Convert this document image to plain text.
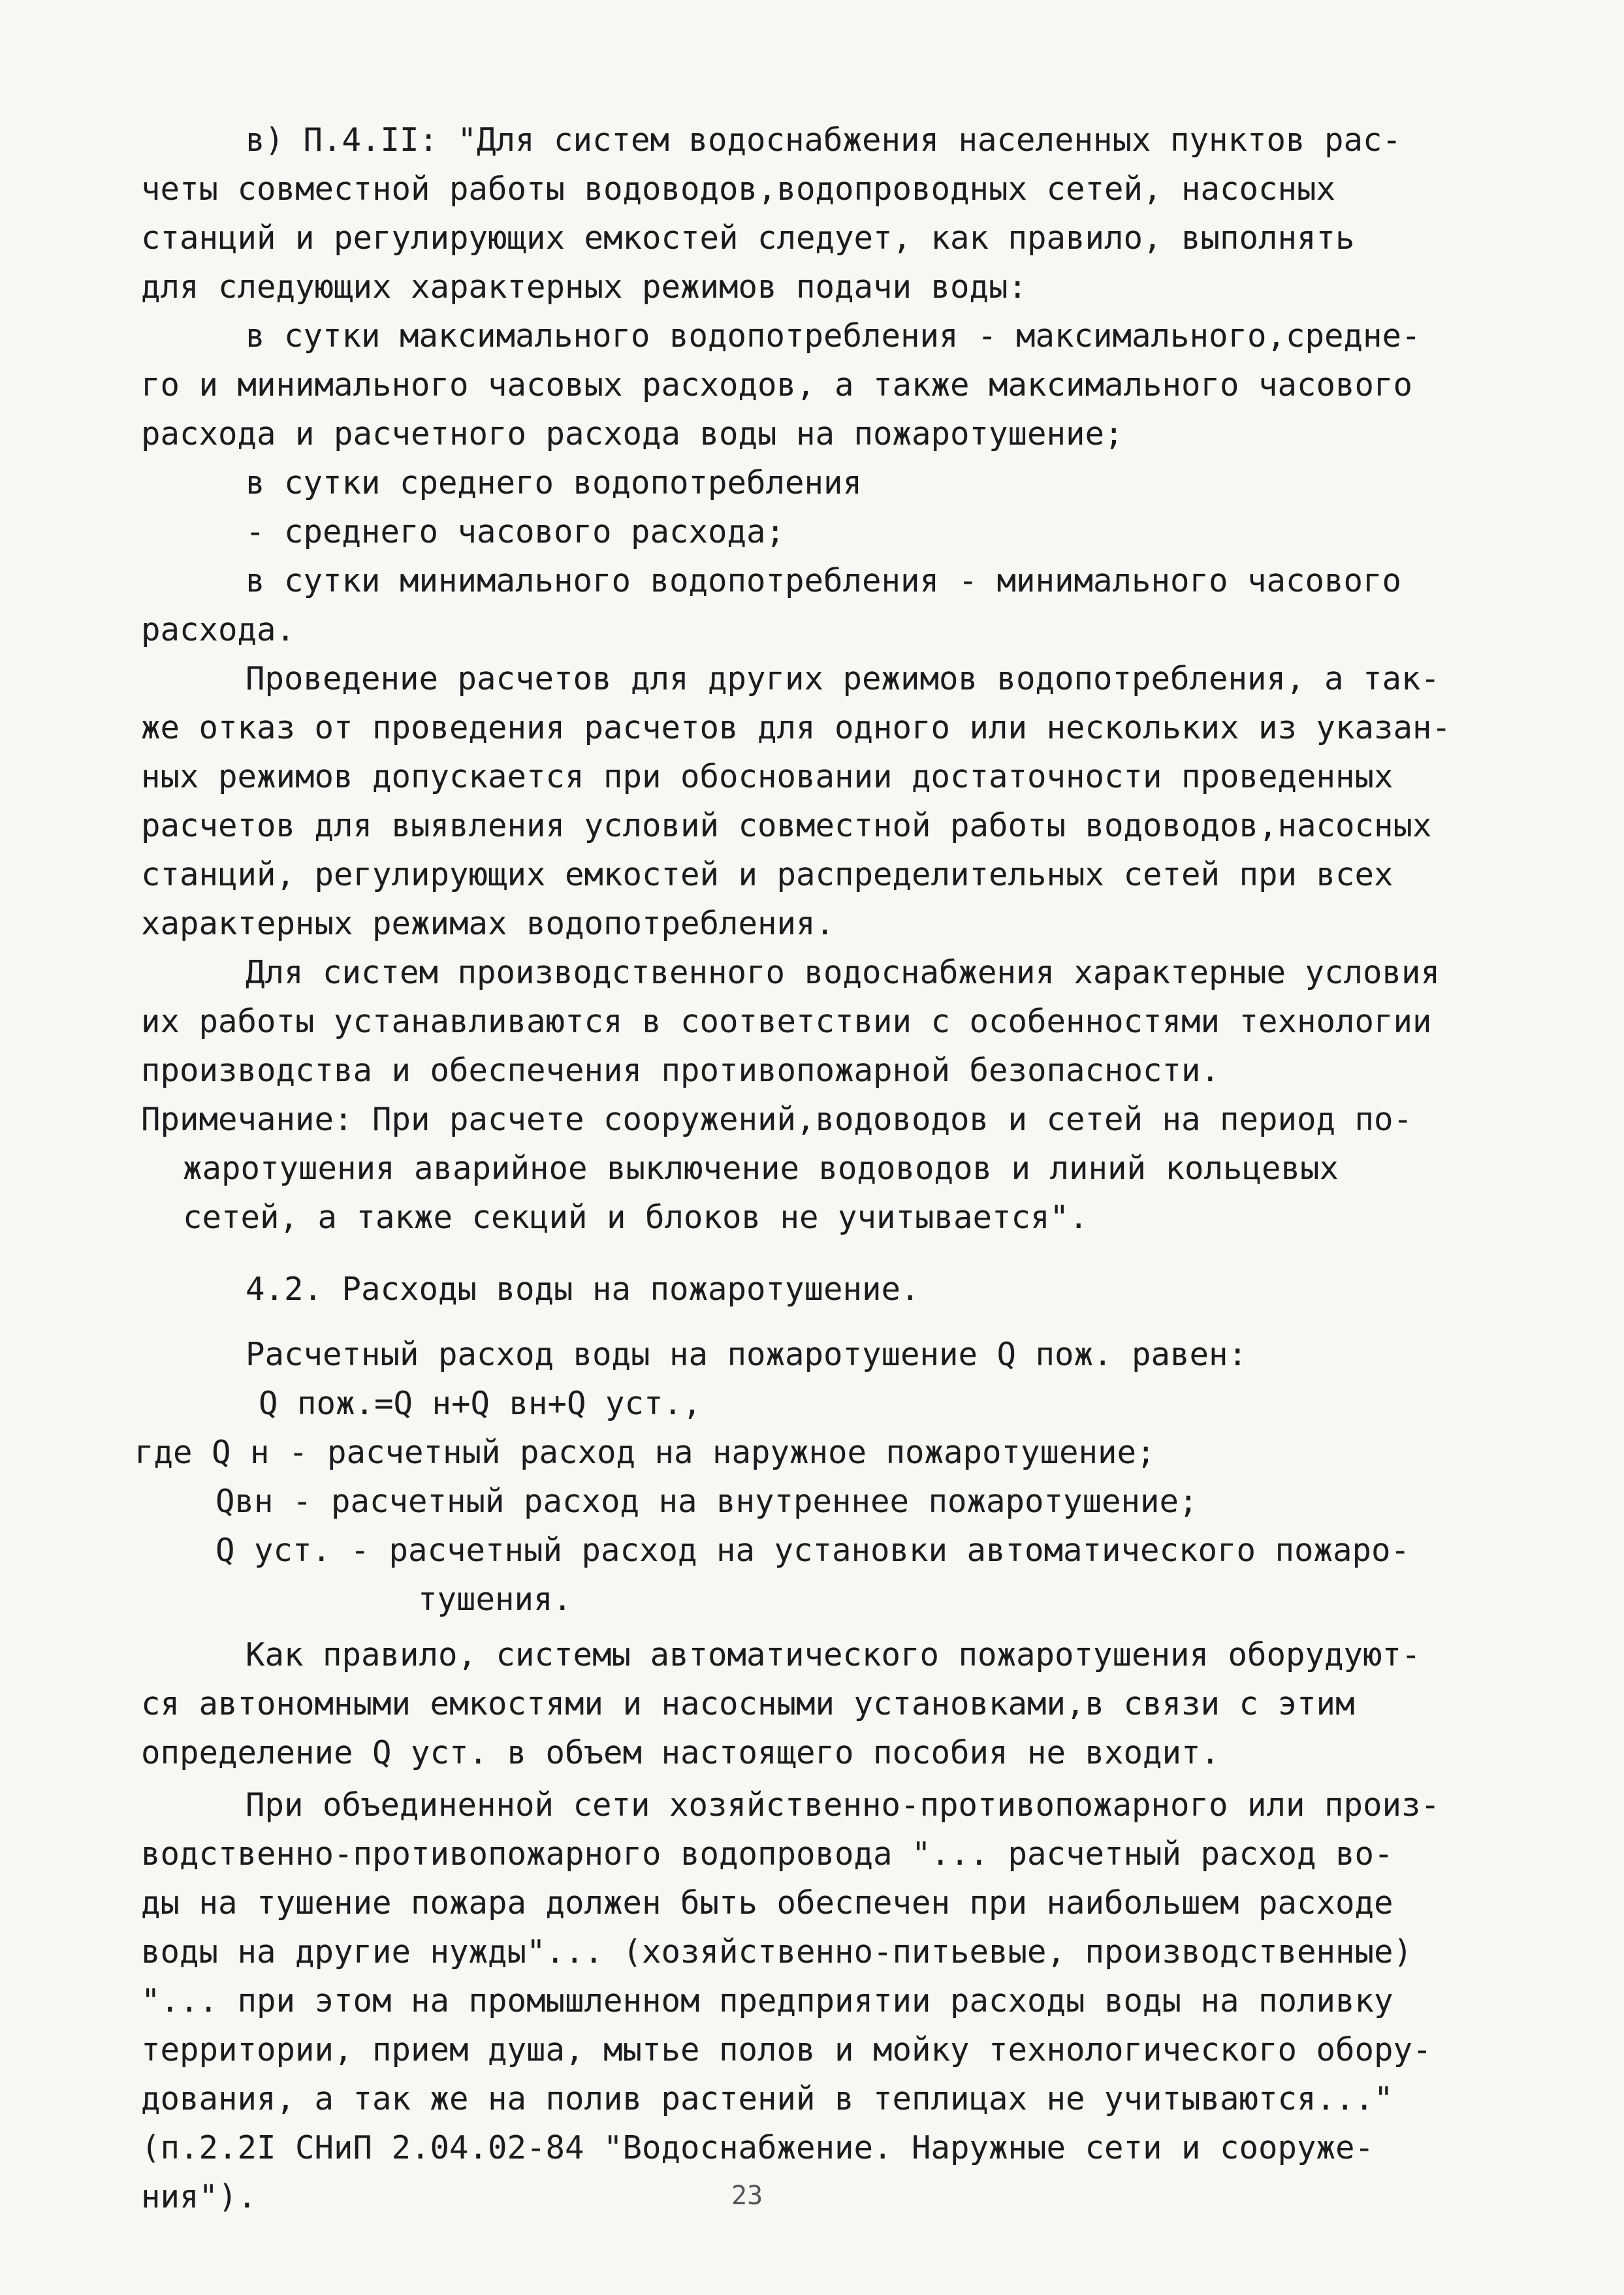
в) П.4.II: "Для систем водоснабжения населенных пунктов рас-
четы совместной работы водоводов,водопроводных сетей, насосных
станций и регулирующих емкостей следует, как правило, выполнять
для следующих характерных режимов подачи воды:
в сутки максимального водопотребления - максимального,средне-
го и минимального часовых расходов, а также максимального часового
расхода и расчетного расхода воды на пожаротушение;
в сутки среднего водопотребления
- среднего часового расхода;
в сутки минимального водопотребления - минимального часового
расхода.
Проведение расчетов для других режимов водопотребления, а так-
же отказ от проведения расчетов для одного или нескольких из указан-
ных режимов допускается при обосновании достаточности проведенных
расчетов для выявления условий совместной работы водоводов,насосных
станций, регулирующих емкостей и распределительных сетей при всех
характерных режимах водопотребления.
Для систем производственного водоснабжения характерные условия
их работы устанавливаются в соответствии с особенностями технологии
производства и обеспечения противопожарной безопасности.
Примечание: При расчете сооружений,водоводов и сетей на период по-
жаротушения аварийное выключение водоводов и линий кольцевых
сетей, а также секций и блоков не учитывается".
4.2. Расходы воды на пожаротушение.
Расчетный расход воды на пожаротушение Q пож. равен:
Q пож.=Q н+Q вн+Q уст.,
где Q н - расчетный расход на наружное пожаротушение;
Qвн - расчетный расход на внутреннее пожаротушение;
Q уст. - расчетный расход на установки автоматического пожаро-
тушения.
Как правило, системы автоматического пожаротушения оборудуют-
ся автономными емкостями и насосными установками,в связи с этим
определение Q уст. в объем настоящего пособия не входит.
При объединенной сети хозяйственно-противопожарного или произ-
водственно-противопожарного водопровода "... расчетный расход во-
ды на тушение пожара должен быть обеспечен при наибольшем расходе
воды на другие нужды"... (хозяйственно-питьевые, производственные)
"... при этом на промышленном предприятии расходы воды на поливку
территории, прием душа, мытье полов и мойку технологического обору-
дования, а так же на полив растений в теплицах не учитываются..."
(п.2.2I СНиП 2.04.02-84 "Водоснабжение. Наружные сети и сооруже-
ния").	23
